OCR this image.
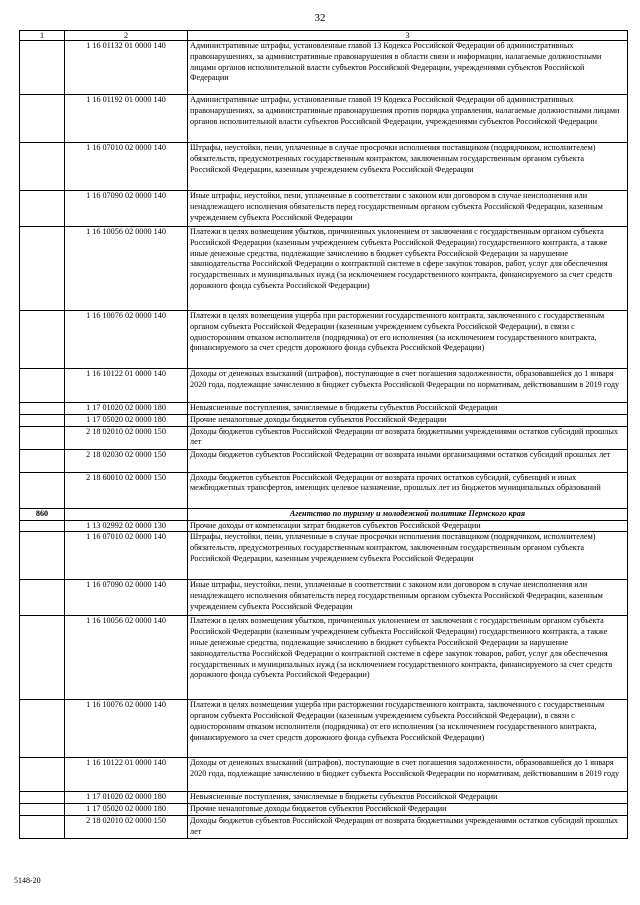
32
1	2	3
	1 16 01132 01 0000 140	Административные штрафы, установленные главой 13 Кодекса Российской Федерации об административных правонарушениях, за административные правонарушения в области связи и информации, налагаемые должностными лицами органов исполнительной власти субъектов Российской Федерации, учреждениями субъектов Российской Федерации
	1 16 01192 01 0000 140	Административные штрафы, установленные главой 19 Кодекса Российской Федерации об административных правонарушениях, за административные правонарушения против порядка управления, налагаемые должностными лицами органов исполнительной власти субъектов Российской Федерации, учреждениями субъектов Российской Федерации
	1 16 07010 02 0000 140	Штрафы, неустойки, пени, уплаченные в случае просрочки исполнения поставщиком (подрядчиком, исполнителем) обязательств, предусмотренных государственным контрактом, заключенным государственным органом субъекта Российской Федерации, казенным учреждением субъекта Российской Федерации
	1 16 07090 02 0000 140	Иные штрафы, неустойки, пени, уплаченные в соответствии с законом или договором в случае неисполнения или ненадлежащего исполнения обязательств перед государственным органом субъекта Российской Федерации, казенным учреждением субъекта Российской Федерации
	1 16 10056 02 0000 140	Платежи в целях возмещения убытков, причиненных уклонением от заключения с государственным органом субъекта Российской Федерации (казенным учреждением субъекта Российской Федерации) государственного контракта, а также иные денежные средства, подлежащие зачислению в бюджет субъекта Российской Федерации за нарушение законодательства Российской Федерации о контрактной системе в сфере закупок товаров, работ, услуг для обеспечения государственных и муниципальных нужд (за исключением государственного контракта, финансируемого за счет средств дорожного фонда субъекта Российской Федерации)
	1 16 10076 02 0000 140	Платежи в целях возмещения ущерба при расторжении государственного контракта, заключенного с государственным органом субъекта Российской Федерации (казенным учреждением субъекта Российской Федерации), в связи с односторонним отказом исполнителя (подрядчика) от его исполнения (за исключением государственного контракта, финансируемого за счет средств дорожного фонда субъекта Российской Федерации)
	1 16 10122 01 0000 140	Доходы от денежных взысканий (штрафов), поступающие в счет погашения задолженности, образовавшейся до 1 января 2020 года, подлежащие зачислению в бюджет субъекта Российской Федерации по нормативам, действовавшим в 2019 году
	1 17 01020 02 0000 180	Невыясненные поступления, зачисляемые в бюджеты субъектов Российской Федерации
	1 17 05020 02 0000 180	Прочие неналоговые доходы бюджетов субъектов Российской Федерации
	2 18 02010 02 0000 150	Доходы бюджетов субъектов Российской Федерации от возврата бюджетными учреждениями остатков субсидий прошлых лет
	2 18 02030 02 0000 150	Доходы бюджетов субъектов Российской Федерации от возврата иными организациями остатков субсидий прошлых лет
	2 18 60010 02 0000 150	Доходы бюджетов субъектов Российской Федерации от возврата прочих остатков субсидий, субвенций и иных межбюджетных трансфертов, имеющих целевое назначение, прошлых лет из бюджетов муниципальных образований
860		Агентство по туризму и молодежной политике Пермского края
	1 13 02992 02 0000 130	Прочие доходы от компенсации затрат бюджетов субъектов Российской Федерации
	1 16 07010 02 0000 140	Штрафы, неустойки, пени, уплаченные в случае просрочки исполнения поставщиком (подрядчиком, исполнителем) обязательств, предусмотренных государственным контрактом, заключенным государственным органом субъекта Российской Федерации, казенным учреждением субъекта Российской Федерации
	1 16 07090 02 0000 140	Иные штрафы, неустойки, пени, уплаченные в соответствии с законом или договором в случае неисполнения или ненадлежащего исполнения обязательств перед государственным органом субъекта Российской Федерации, казенным учреждением субъекта Российской Федерации
	1 16 10056 02 0000 140	Платежи в целях возмещения убытков, причиненных уклонением от заключения с государственным органом субъекта Российской Федерации (казенным учреждением субъекта Российской Федерации) государственного контракта, а также иные денежные средства, подлежащие зачислению в бюджет субъекта Российской Федерации за нарушение законодательства Российской Федерации о контрактной системе в сфере закупок товаров, работ, услуг для обеспечения государственных и муниципальных нужд (за исключением государственного контракта, финансируемого за счет средств дорожного фонда субъекта Российской Федерации)
	1 16 10076 02 0000 140	Платежи в целях возмещения ущерба при расторжении государственного контракта, заключенного с государственным органом субъекта Российской Федерации (казенным учреждением субъекта Российской Федерации), в связи с односторонним отказом исполнителя (подрядчика) от его исполнения (за исключением государственного контракта, финансируемого за счет средств дорожного фонда субъекта Российской Федерации)
	1 16 10122 01 0000 140	Доходы от денежных взысканий (штрафов), поступающие в счет погашения задолженности, образовавшейся до 1 января 2020 года, подлежащие зачислению в бюджет субъекта Российской Федерации по нормативам, действовавшим в 2019 году
	1 17 01020 02 0000 180	Невыясненные поступления, зачисляемые в бюджеты субъектов Российской Федерации
	1 17 05020 02 0000 180	Прочие неналоговые доходы бюджетов субъектов Российской Федерации
	2 18 02010 02 0000 150	Доходы бюджетов субъектов Российской Федерации от возврата бюджетными учреждениями остатков субсидий прошлых лет
5148-20
